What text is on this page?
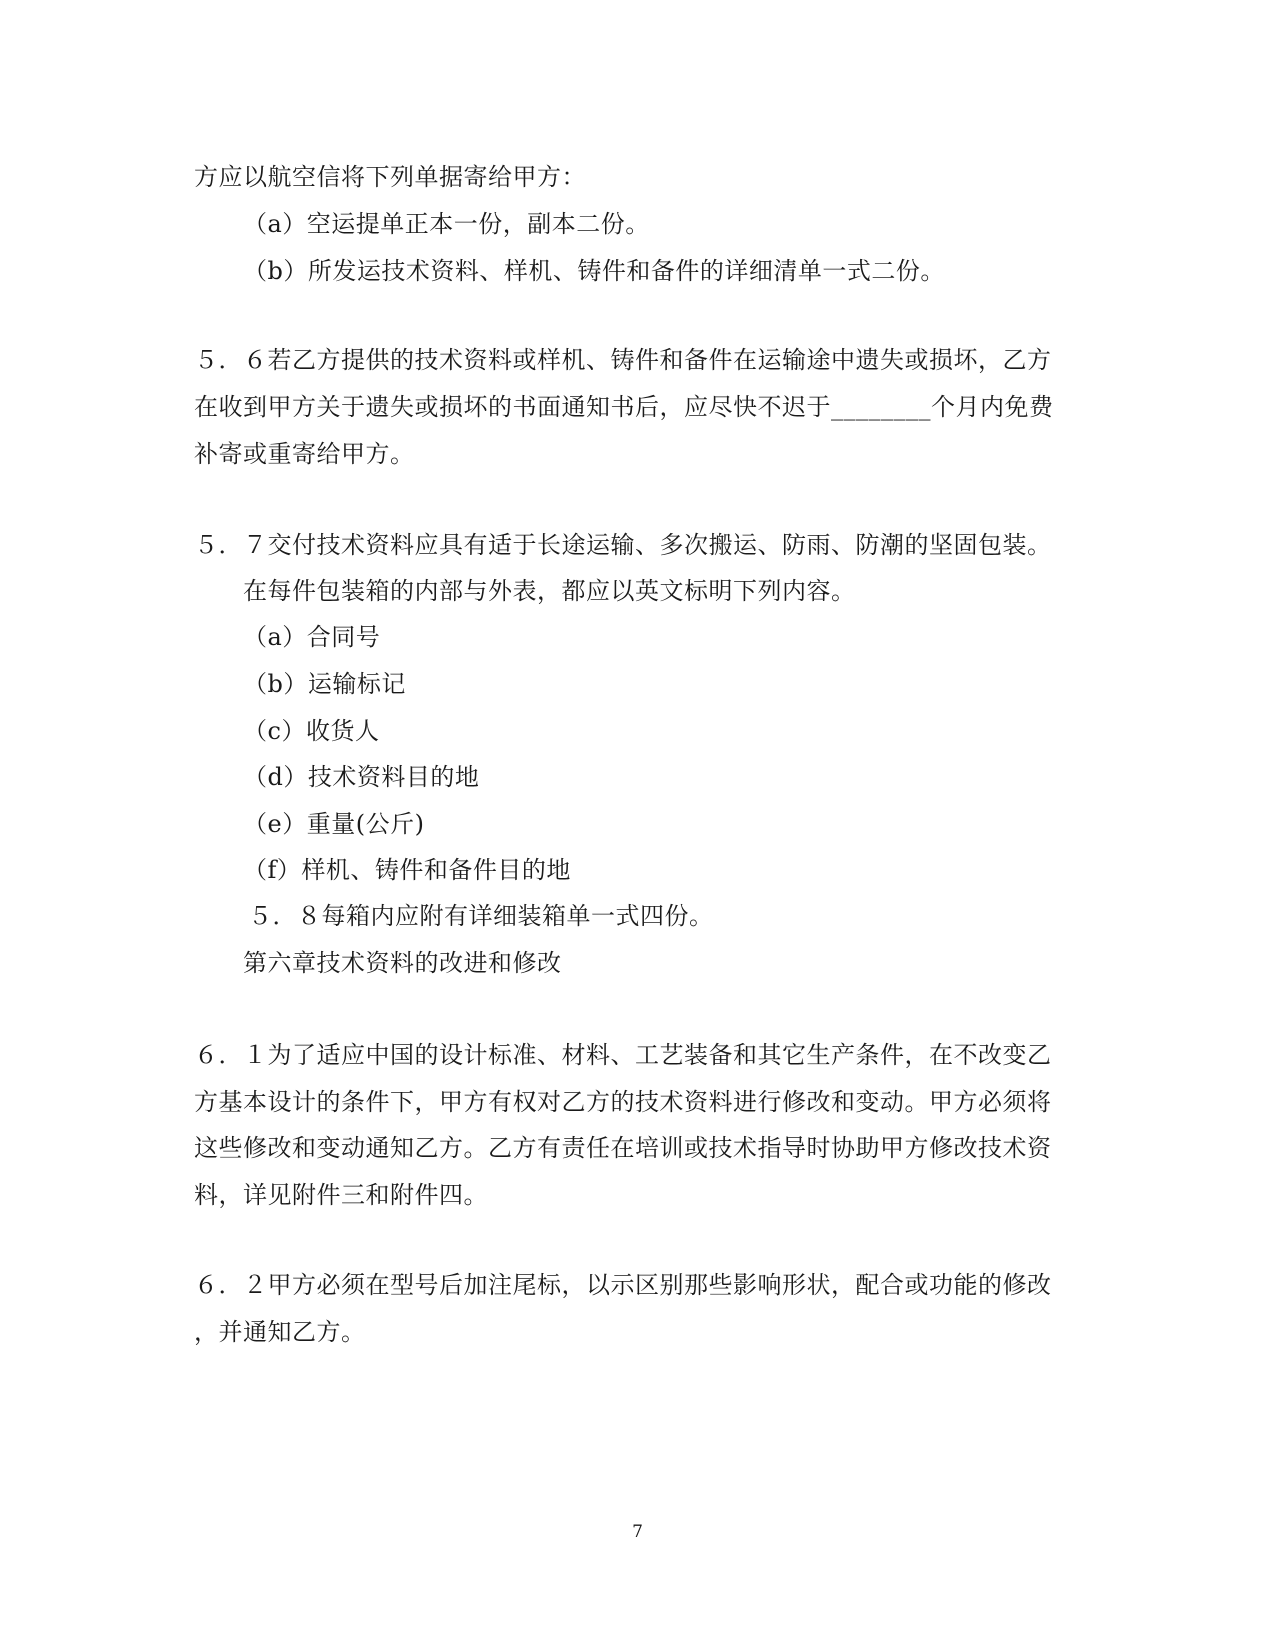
方应以航空信将下列单据寄给甲方：
（a）空运提单正本一份，副本二份。
（b）所发运技术资料、样机、铸件和备件的详细清单一式二份。
５．６若乙方提供的技术资料或样机、铸件和备件在运输途中遗失或损坏，乙方
在收到甲方关于遗失或损坏的书面通知书后，应尽快不迟于________个月内免费
补寄或重寄给甲方。
５．７交付技术资料应具有适于长途运输、多次搬运、防雨、防潮的坚固包装。
在每件包装箱的内部与外表，都应以英文标明下列内容。
（a）合同号
（b）运输标记
（c）收货人
（d）技术资料目的地
（e）重量(公斤)
（f）样机、铸件和备件目的地
５．８每箱内应附有详细装箱单一式四份。
第六章技术资料的改进和修改
６．１为了适应中国的设计标准、材料、工艺装备和其它生产条件，在不改变乙
方基本设计的条件下，甲方有权对乙方的技术资料进行修改和变动。甲方必须将
这些修改和变动通知乙方。乙方有责任在培训或技术指导时协助甲方修改技术资
料，详见附件三和附件四。
６．２甲方必须在型号后加注尾标，以示区别那些影响形状，配合或功能的修改
，并通知乙方。
7
